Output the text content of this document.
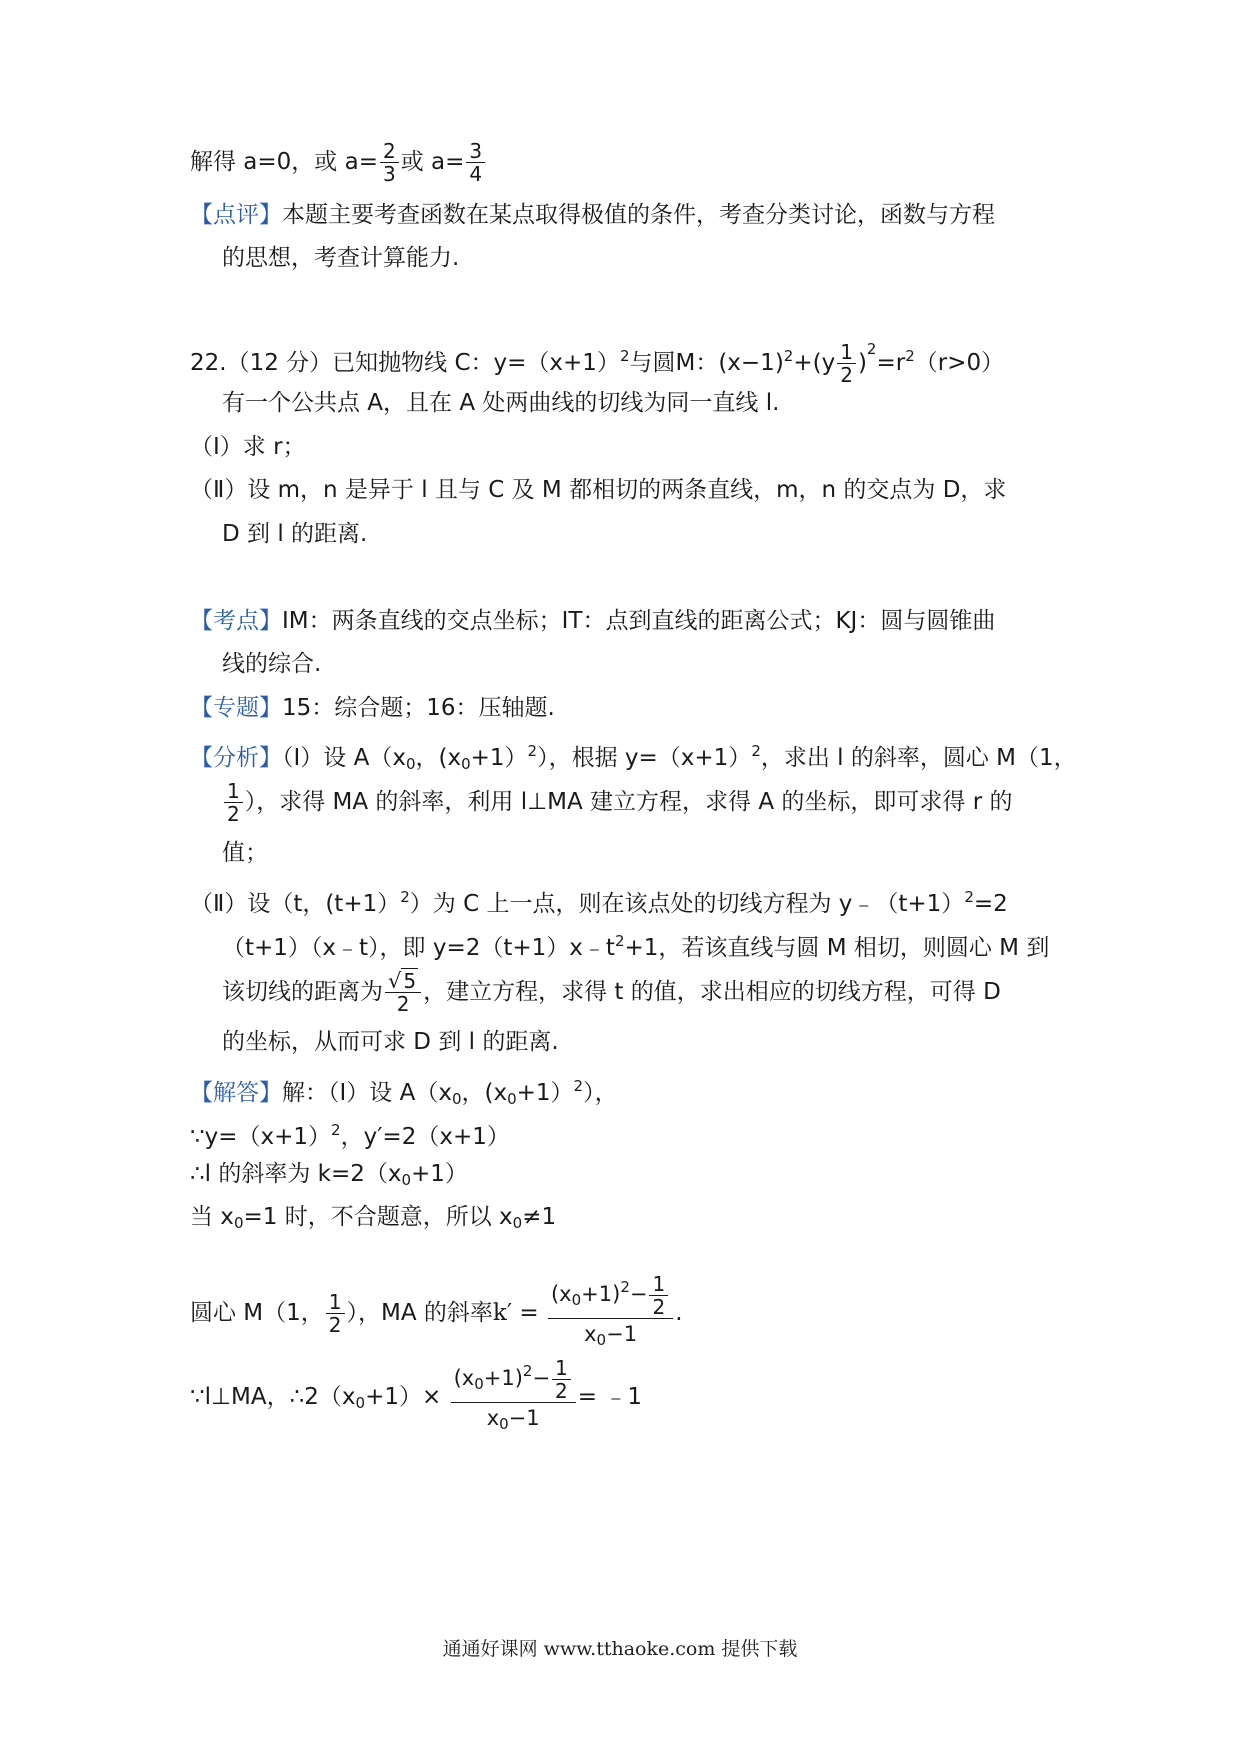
解得 a=0，或 $a= \frac{2}{3}$ 或 $a= \frac{3}{4}$
【点评】本题主要考查函数在某点取得极值的条件，考查分类讨论，函数与方程
的思想，考查计算能力.
22.（12 分）已知抛物线 C：$y=(x+1)^2$与圆M：$(x-1)^2+(y \frac{1}{2} )^2=r^2(r>0)$
有一个公共点 A，且在 A 处两曲线的切线为同一直线 l.
（Ⅰ）求 r；
（Ⅱ）设 m，n 是异于 l 且与 C 及 M 都相切的两条直线，m，n 的交点为 D，求
D 到 l 的距离.
【考点】IM：两条直线的交点坐标；IT：点到直线的距离公式；KJ：圆与圆锥曲
线的综合.
【专题】15：综合题；16：压轴题.
【分析】（Ⅰ）设 $A(x_0$，$(x_0+1)^2$），根据 $y=(x+1)^2$，求出 l 的斜率，圆心 M（1，
$\frac{1}{2}$ ），求得 MA 的斜率，利用 l⊥MA 建立方程，求得 A 的坐标，即可求得 r 的
值；
（Ⅱ）设（t，(t+1）$^2$）为 C 上一点，则在该点处的切线方程为 $y﹣(t+1)^2=2$
（t+1）（x﹣t），即 $y=2(t+1)x﹣t^2+1$，若该直线与圆 M 相切，则圆心 M 到
该切线的距离为 $\frac{√ 5}{2}$ ，建立方程，求得 t 的值，求出相应的切线方程，可得 D
的坐标，从而可求 D 到 l 的距离.
【解答】解：（Ⅰ）设 $A(x_0$，$(x_0+1)^2$），
$\because y=(x+1)^2$，y′=2（x+1）
∴l 的斜率为 $k=2(x_0+1)$
当 $x_0=1$ 时，不合题意，所以 $x_0\ne 1$
圆心 M（1， $\frac{1}{2}$ ），MA 的斜率$k' = \frac{(x_0+1)^2- \frac{1}{2}}{x_0-1}$ .
∵l⊥MA，$\therefore 2(x_0+1)\times \frac{(x_0+1)^2- \frac{1}{2}}{x_0-1}$ = ﹣1
通通好课网 www.tthaoke.com 提供下载
